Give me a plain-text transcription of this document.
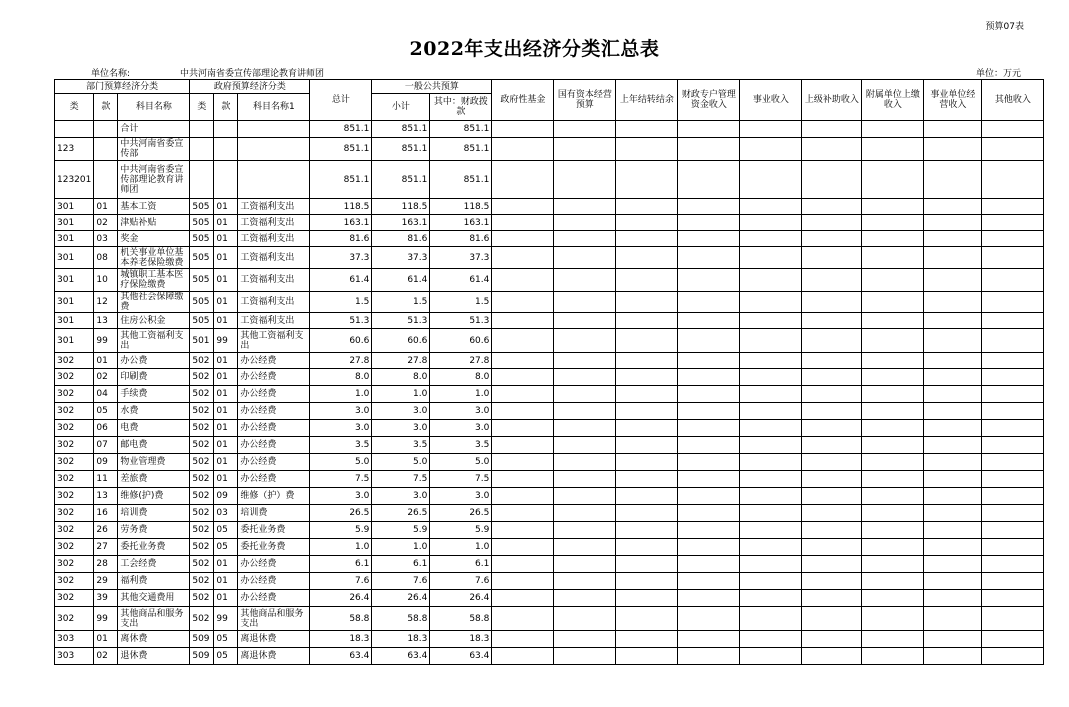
预算07表
2022年支出经济分类汇总表
单位名称:	中共河南省委宣传部理论教育讲师团	单位：万元
部门预算经济分类			政府预算经济分类			总计	一般公共预算		政府性基金	国有资本经营预算	上年结转结余	财政专户管理资金收入	事业收入	上级补助收入	附属单位上缴收入	事业单位经营收入	其他收入
类	款	科目名称	类	款	科目名称1		小计	其中：财政拨款									
		合计				851.1	851.1	851.1									
123		中共河南省委宣传部				851.1	851.1	851.1									
123201		中共河南省委宣传部理论教育讲师团				851.1	851.1	851.1									
301	01	基本工资	505	01	工资福利支出	118.5	118.5	118.5									
301	02	津贴补贴	505	01	工资福利支出	163.1	163.1	163.1									
301	03	奖金	505	01	工资福利支出	81.6	81.6	81.6									
301	08	机关事业单位基本养老保险缴费	505	01	工资福利支出	37.3	37.3	37.3									
301	10	城镇职工基本医疗保险缴费	505	01	工资福利支出	61.4	61.4	61.4									
301	12	其他社会保障缴费	505	01	工资福利支出	1.5	1.5	1.5									
301	13	住房公积金	505	01	工资福利支出	51.3	51.3	51.3									
301	99	其他工资福利支出	501	99	其他工资福利支出	60.6	60.6	60.6									
302	01	办公费	502	01	办公经费	27.8	27.8	27.8									
302	02	印刷费	502	01	办公经费	8.0	8.0	8.0									
302	04	手续费	502	01	办公经费	1.0	1.0	1.0									
302	05	水费	502	01	办公经费	3.0	3.0	3.0									
302	06	电费	502	01	办公经费	3.0	3.0	3.0									
302	07	邮电费	502	01	办公经费	3.5	3.5	3.5									
302	09	物业管理费	502	01	办公经费	5.0	5.0	5.0									
302	11	差旅费	502	01	办公经费	7.5	7.5	7.5									
302	13	维修(护)费	502	09	维修（护）费	3.0	3.0	3.0									
302	16	培训费	502	03	培训费	26.5	26.5	26.5									
302	26	劳务费	502	05	委托业务费	5.9	5.9	5.9									
302	27	委托业务费	502	05	委托业务费	1.0	1.0	1.0									
302	28	工会经费	502	01	办公经费	6.1	6.1	6.1									
302	29	福利费	502	01	办公经费	7.6	7.6	7.6									
302	39	其他交通费用	502	01	办公经费	26.4	26.4	26.4									
302	99	其他商品和服务支出	502	99	其他商品和服务支出	58.8	58.8	58.8									
303	01	离休费	509	05	离退休费	18.3	18.3	18.3									
303	02	退休费	509	05	离退休费	63.4	63.4	63.4									
